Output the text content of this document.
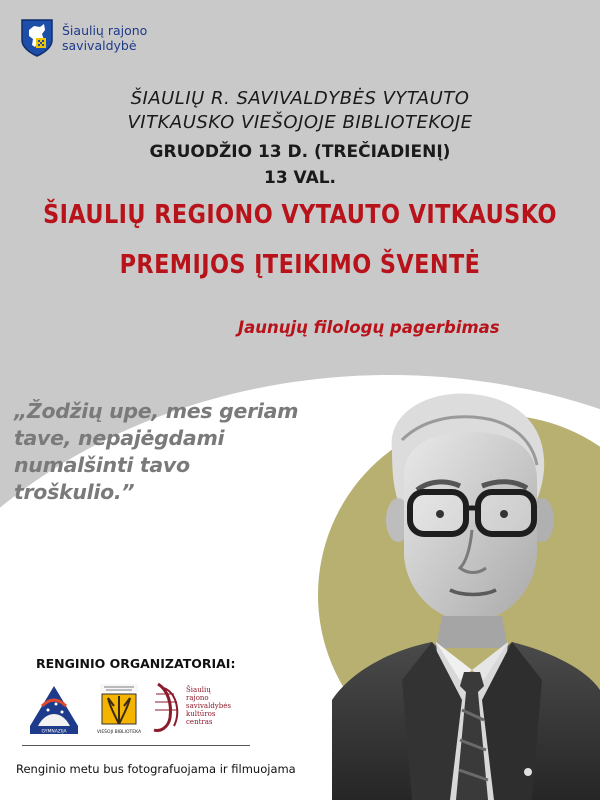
Šiaulių rajono
savivaldybė
ŠIAULIŲ R. SAVIVALDYBĖS VYTAUTO
VITKAUSKO VIEŠOJOJE BIBLIOTEKOJE
GRUODŽIO 13 D. (TREČIADIENĮ)
13 VAL.
ŠIAULIŲ REGIONO VYTAUTO VITKAUSKO
PREMIJOS ĮTEIKIMO ŠVENTĖ
Jaunųjų filologų pagerbimas
„Žodžių upe, mes geriam
tave, nepajėgdami
numalšinti tavo
troškulio.”
RENGINIO ORGANIZATORIAI:
GYMNAZIJA	VIEŠOJI BIBLIOTEKA
Šiaulių
rajono
savivaldybės
kultūros
centras
Renginio metu bus fotografuojama ir filmuojama
